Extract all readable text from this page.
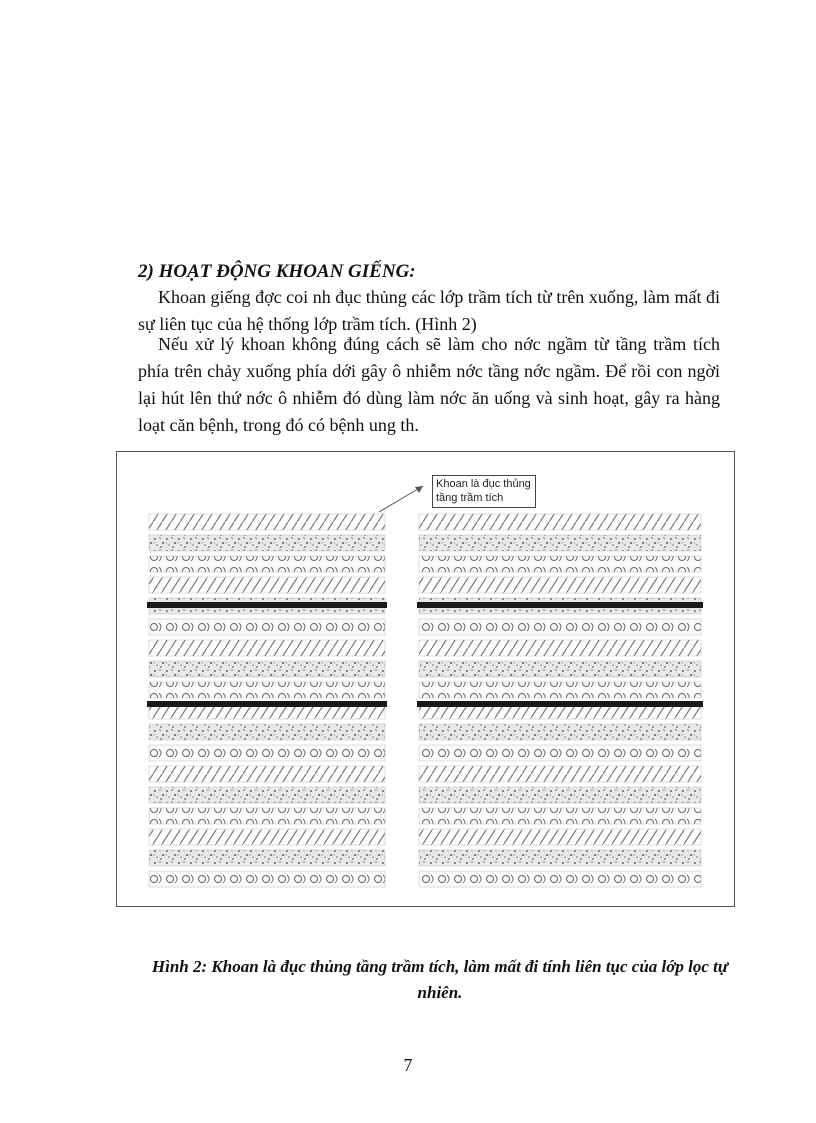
2) HOẠT ĐỘNG KHOAN GIẾNG:

Khoan giếng đợc coi nh đục thủng các lớp trầm tích từ trên xuống, làm mất đi sự liên tục của hệ thống lớp trầm tích. (Hình 2)

Nếu xử lý khoan không đúng cách sẽ làm cho nớc ngầm từ tầng trầm tích phía trên chảy xuống phía dới gây ô nhiễm nớc tầng nớc ngầm. Để rồi con ngời lại hút lên thứ nớc ô nhiễm đó dùng làm nớc ăn uống và sinh hoạt, gây ra hàng loạt căn bệnh, trong đó có bệnh ung th.

Khoan là đục thủng
tầng trầm tích

Hình 2: Khoan là đục thủng tầng trầm tích, làm mất đi tính liên tục của lớp lọc tự nhiên.

7
